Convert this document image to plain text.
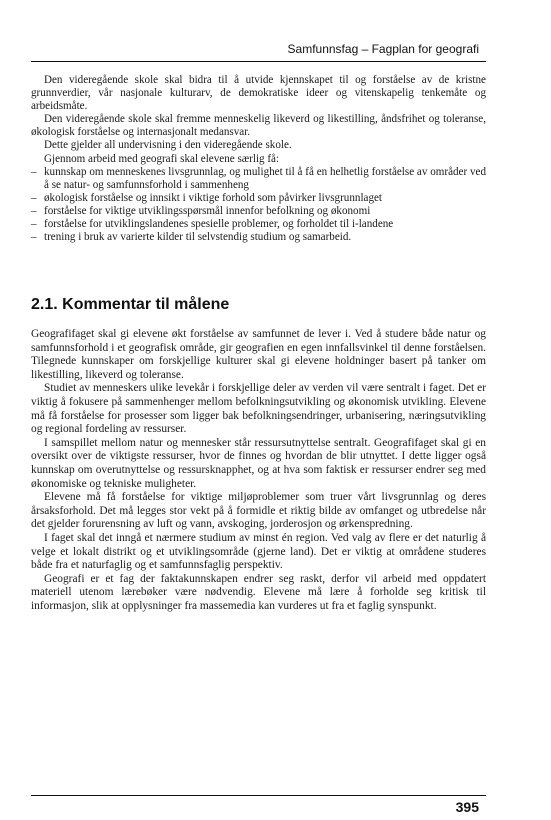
Samfunnsfag – Fagplan for geografi

Den videregående skole skal bidra til å utvide kjennskapet til og forståelse av de kristne grunnverdier, vår nasjonale kulturarv, de demokratiske ideer og vitenskapelig tenkemåte og arbeidsmåte.

Den videregående skole skal fremme menneskelig likeverd og likestilling, åndsfrihet og toleranse, økologisk forståelse og internasjonalt medansvar.

Dette gjelder all undervisning i den videregående skole.

Gjennom arbeid med geografi skal elevene særlig få:

– kunnskap om menneskenes livsgrunnlag, og mulighet til å få en helhetlig forståelse av områder ved å se natur- og samfunnsforhold i sammenheng
– økologisk forståelse og innsikt i viktige forhold som påvirker livsgrunnlaget
– forståelse for viktige utviklingsspørsmål innenfor befolkning og økonomi
– forståelse for utviklingslandenes spesielle problemer, og forholdet til i-landene
– trening i bruk av varierte kilder til selvstendig studium og samarbeid.
2.1. Kommentar til målene

Geografifaget skal gi elevene økt forståelse av samfunnet de lever i. Ved å studere både natur og samfunnsforhold i et geografisk område, gir geografien en egen innfallsvinkel til denne forståelsen. Tilegnede kunnskaper om forskjellige kulturer skal gi elevene holdninger basert på tanker om likestilling, likeverd og toleranse.

Studiet av menneskers ulike levekår i forskjellige deler av verden vil være sentralt i faget. Det er viktig å fokusere på sammenhenger mellom befolkningsutvikling og økonomisk utvikling. Elevene må få forståelse for prosesser som ligger bak befolkningsendringer, urbanisering, næringsutvikling og regional fordeling av ressurser.

I samspillet mellom natur og mennesker står ressursutnyttelse sentralt. Geografifaget skal gi en oversikt over de viktigste ressurser, hvor de finnes og hvordan de blir utnyttet. I dette ligger også kunnskap om overutnyttelse og ressursknapphet, og at hva som faktisk er ressurser endrer seg med økonomiske og tekniske muligheter.

Elevene må få forståelse for viktige miljøproblemer som truer vårt livsgrunnlag og deres årsaksforhold. Det må legges stor vekt på å formidle et riktig bilde av omfanget og utbredelse når det gjelder forurensning av luft og vann, avskoging, jorderosjon og ørkenspredning.

I faget skal det inngå et nærmere studium av minst én region. Ved valg av flere er det naturlig å velge et lokalt distrikt og et utviklingsområde (gjerne land). Det er viktig at områdene studeres både fra et naturfaglig og et samfunnsfaglig perspektiv.

Geografi er et fag der faktakunnskapen endrer seg raskt, derfor vil arbeid med oppdatert materiell utenom lærebøker være nødvendig. Elevene må lære å forholde seg kritisk til informasjon, slik at opplysninger fra massemedia kan vurderes ut fra et faglig synspunkt.

395
